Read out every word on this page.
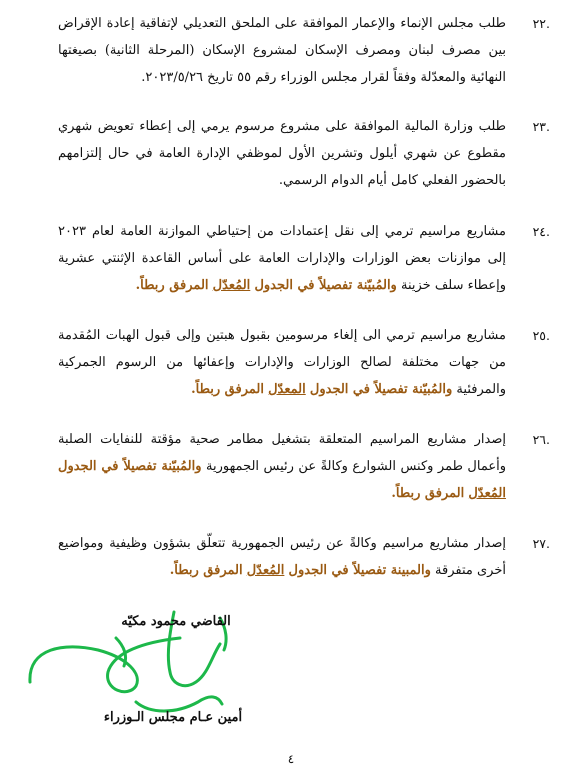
.٢٢
طلب مجلس الإنماء والإعمار الموافقة على الملحق التعديلي لإتفاقية إعادة الإقراض بين مصرف لبنان ومصرف الإسكان لمشروع الإسكان (المرحلة الثانية) بصيغتها النهائية والمعدّلة وفقاً لقرار مجلس الوزراء رقم ٥٥ تاريخ ٢٠٢٣/٥/٢٦.
.٢٣
طلب وزارة المالية الموافقة على مشروع مرسوم يرمي إلى إعطاء تعويض شهري مقطوع عن شهري أيلول وتشرين الأول لموظفي الإدارة العامة في حال إلتزامهم بالحضور الفعلي كامل أيام الدوام الرسمي.
.٢٤
مشاريع مراسيم ترمي إلى نقل إعتمادات من إحتياطي الموازنة العامة لعام ٢٠٢٣ إلى موازنات بعض الوزارات والإدارات العامة على أساس القاعدة الإثنتي عشرية وإعطاء سلف خزينة والمُبيّنة تفصيلاً في الجدول المُعدّل المرفق ربطاً.
.٢٥
مشاريع مراسيم ترمي الى إلغاء مرسومين بقبول هبتين وإلى قبول الهبات المُقدمة من جهات مختلفة لصالح الوزارات والإدارات وإعفائها من الرسوم الجمركية والمرفئية والمُبيّنة تفصيلاً في الجدول المعدّل المرفق ربطاً.
.٢٦
إصدار مشاريع المراسيم المتعلقة بتشغيل مطامر صحية مؤقتة للنفايات الصلبة وأعمال طمر وكنس الشوارع وكالةً عن رئيس الجمهورية والمُبيّنة تفصيلاً في الجدول المُعدّل المرفق ربطاً.
.٢٧
إصدار مشاريع مراسيم وكالةً عن رئيس الجمهورية تتعلّق بشؤون وظيفية ومواضيع أخرى متفرقة والمبينة تفصيلاً في الجدول المُعدّل المرفق ربطاً.
القاضي محمود مكيّه
أمين عـام مجلس الـوزراء
٤
